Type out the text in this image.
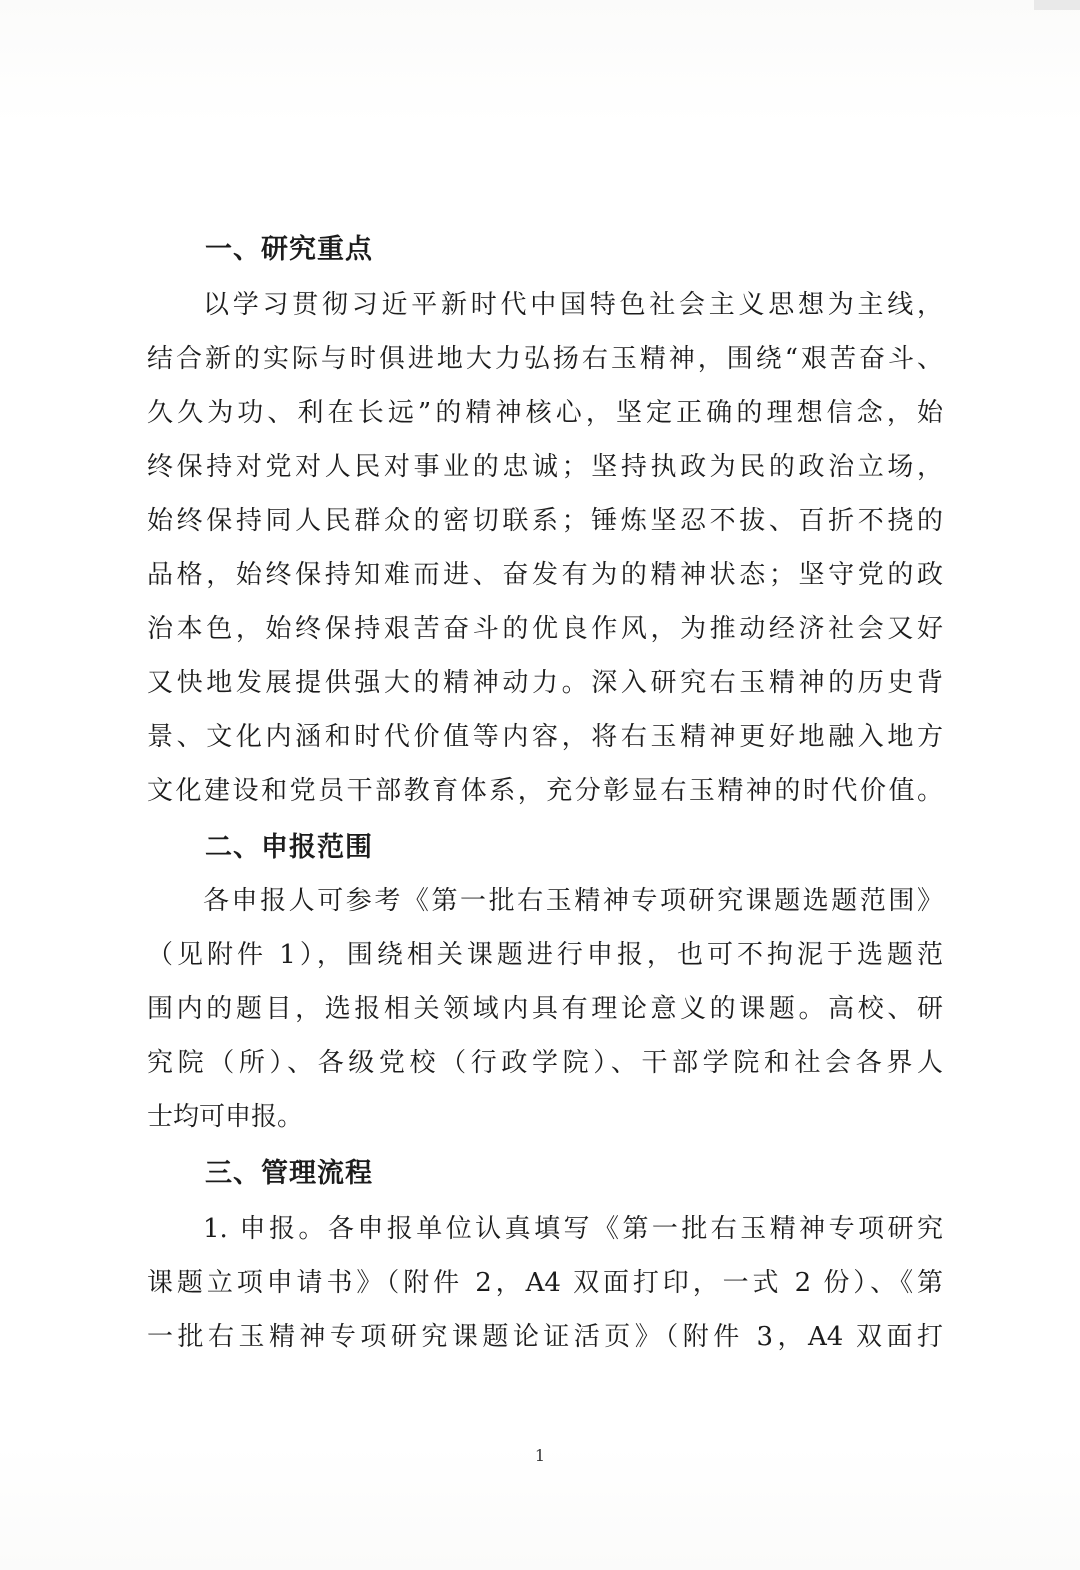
一、研究重点
以学习贯彻习近平新时代中国特色社会主义思想为主线，
结合新的实际与时俱进地大力弘扬右玉精神，围绕“艰苦奋斗、
久久为功、利在长远”的精神核心，坚定正确的理想信念，始
终保持对党对人民对事业的忠诚；坚持执政为民的政治立场，
始终保持同人民群众的密切联系；锤炼坚忍不拔、百折不挠的
品格，始终保持知难而进、奋发有为的精神状态；坚守党的政
治本色，始终保持艰苦奋斗的优良作风，为推动经济社会又好
又快地发展提供强大的精神动力。深入研究右玉精神的历史背
景、文化内涵和时代价值等内容，将右玉精神更好地融入地方
文化建设和党员干部教育体系，充分彰显右玉精神的时代价值。
二、申报范围
各申报人可参考《第一批右玉精神专项研究课题选题范围》
（见附件 1），围绕相关课题进行申报，也可不拘泥于选题范
围内的题目，选报相关领域内具有理论意义的课题。高校、研
究院（所）、各级党校（行政学院）、干部学院和社会各界人
士均可申报。
三、管理流程
1. 申报。各申报单位认真填写《第一批右玉精神专项研究
课题立项申请书》（附件 2，A4 双面打印，一式 2 份）、《第
一批右玉精神专项研究课题论证活页》（附件 3，A4 双面打
1
